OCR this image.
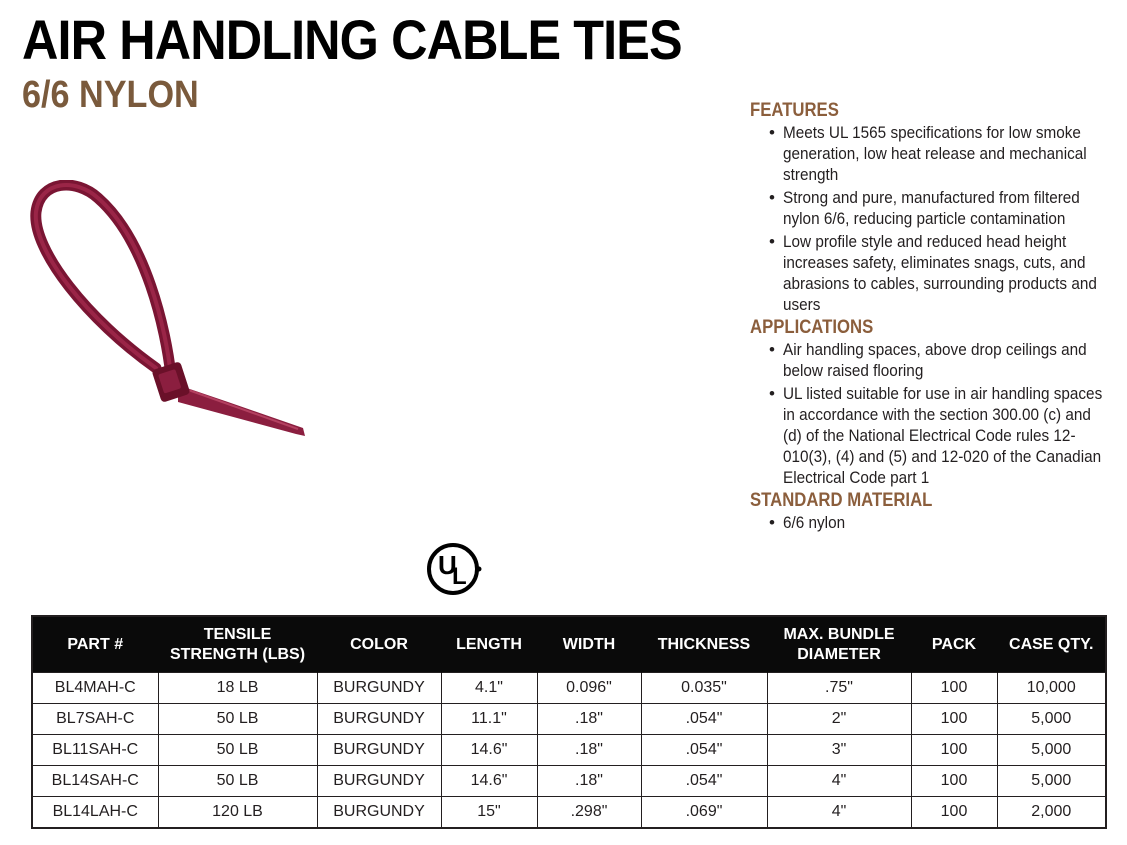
AIR HANDLING CABLE TIES
6/6 NYLON
U
L
FEATURES
• Meets UL 1565 specifications for low smoke generation, low heat release and mechanical strength
• Strong and pure, manufactured from filtered nylon 6/6, reducing particle contamination
• Low profile style and reduced head height increases safety, eliminates snags, cuts, and abrasions to cables, surrounding products and users
APPLICATIONS
• Air handling spaces, above drop ceilings and below raised flooring
• UL listed suitable for use in air handling spaces in accordance with the section 300.00 (c) and (d) of the National Electrical Code rules 12-010(3), (4) and (5) and 12-020 of the Canadian Electrical Code part 1
STANDARD MATERIAL
• 6/6 nylon
PART #	TENSILE STRENGTH (LBS)	COLOR	LENGTH	WIDTH	THICKNESS	MAX. BUNDLE DIAMETER	PACK	CASE QTY.
BL4MAH-C	18 LB	BURGUNDY	4.1"	0.096"	0.035"	.75"	100	10,000
BL7SAH-C	50 LB	BURGUNDY	11.1"	.18"	.054"	2"	100	5,000
BL11SAH-C	50 LB	BURGUNDY	14.6"	.18"	.054"	3"	100	5,000
BL14SAH-C	50 LB	BURGUNDY	14.6"	.18"	.054"	4"	100	5,000
BL14LAH-C	120 LB	BURGUNDY	15"	.298"	.069"	4"	100	2,000
